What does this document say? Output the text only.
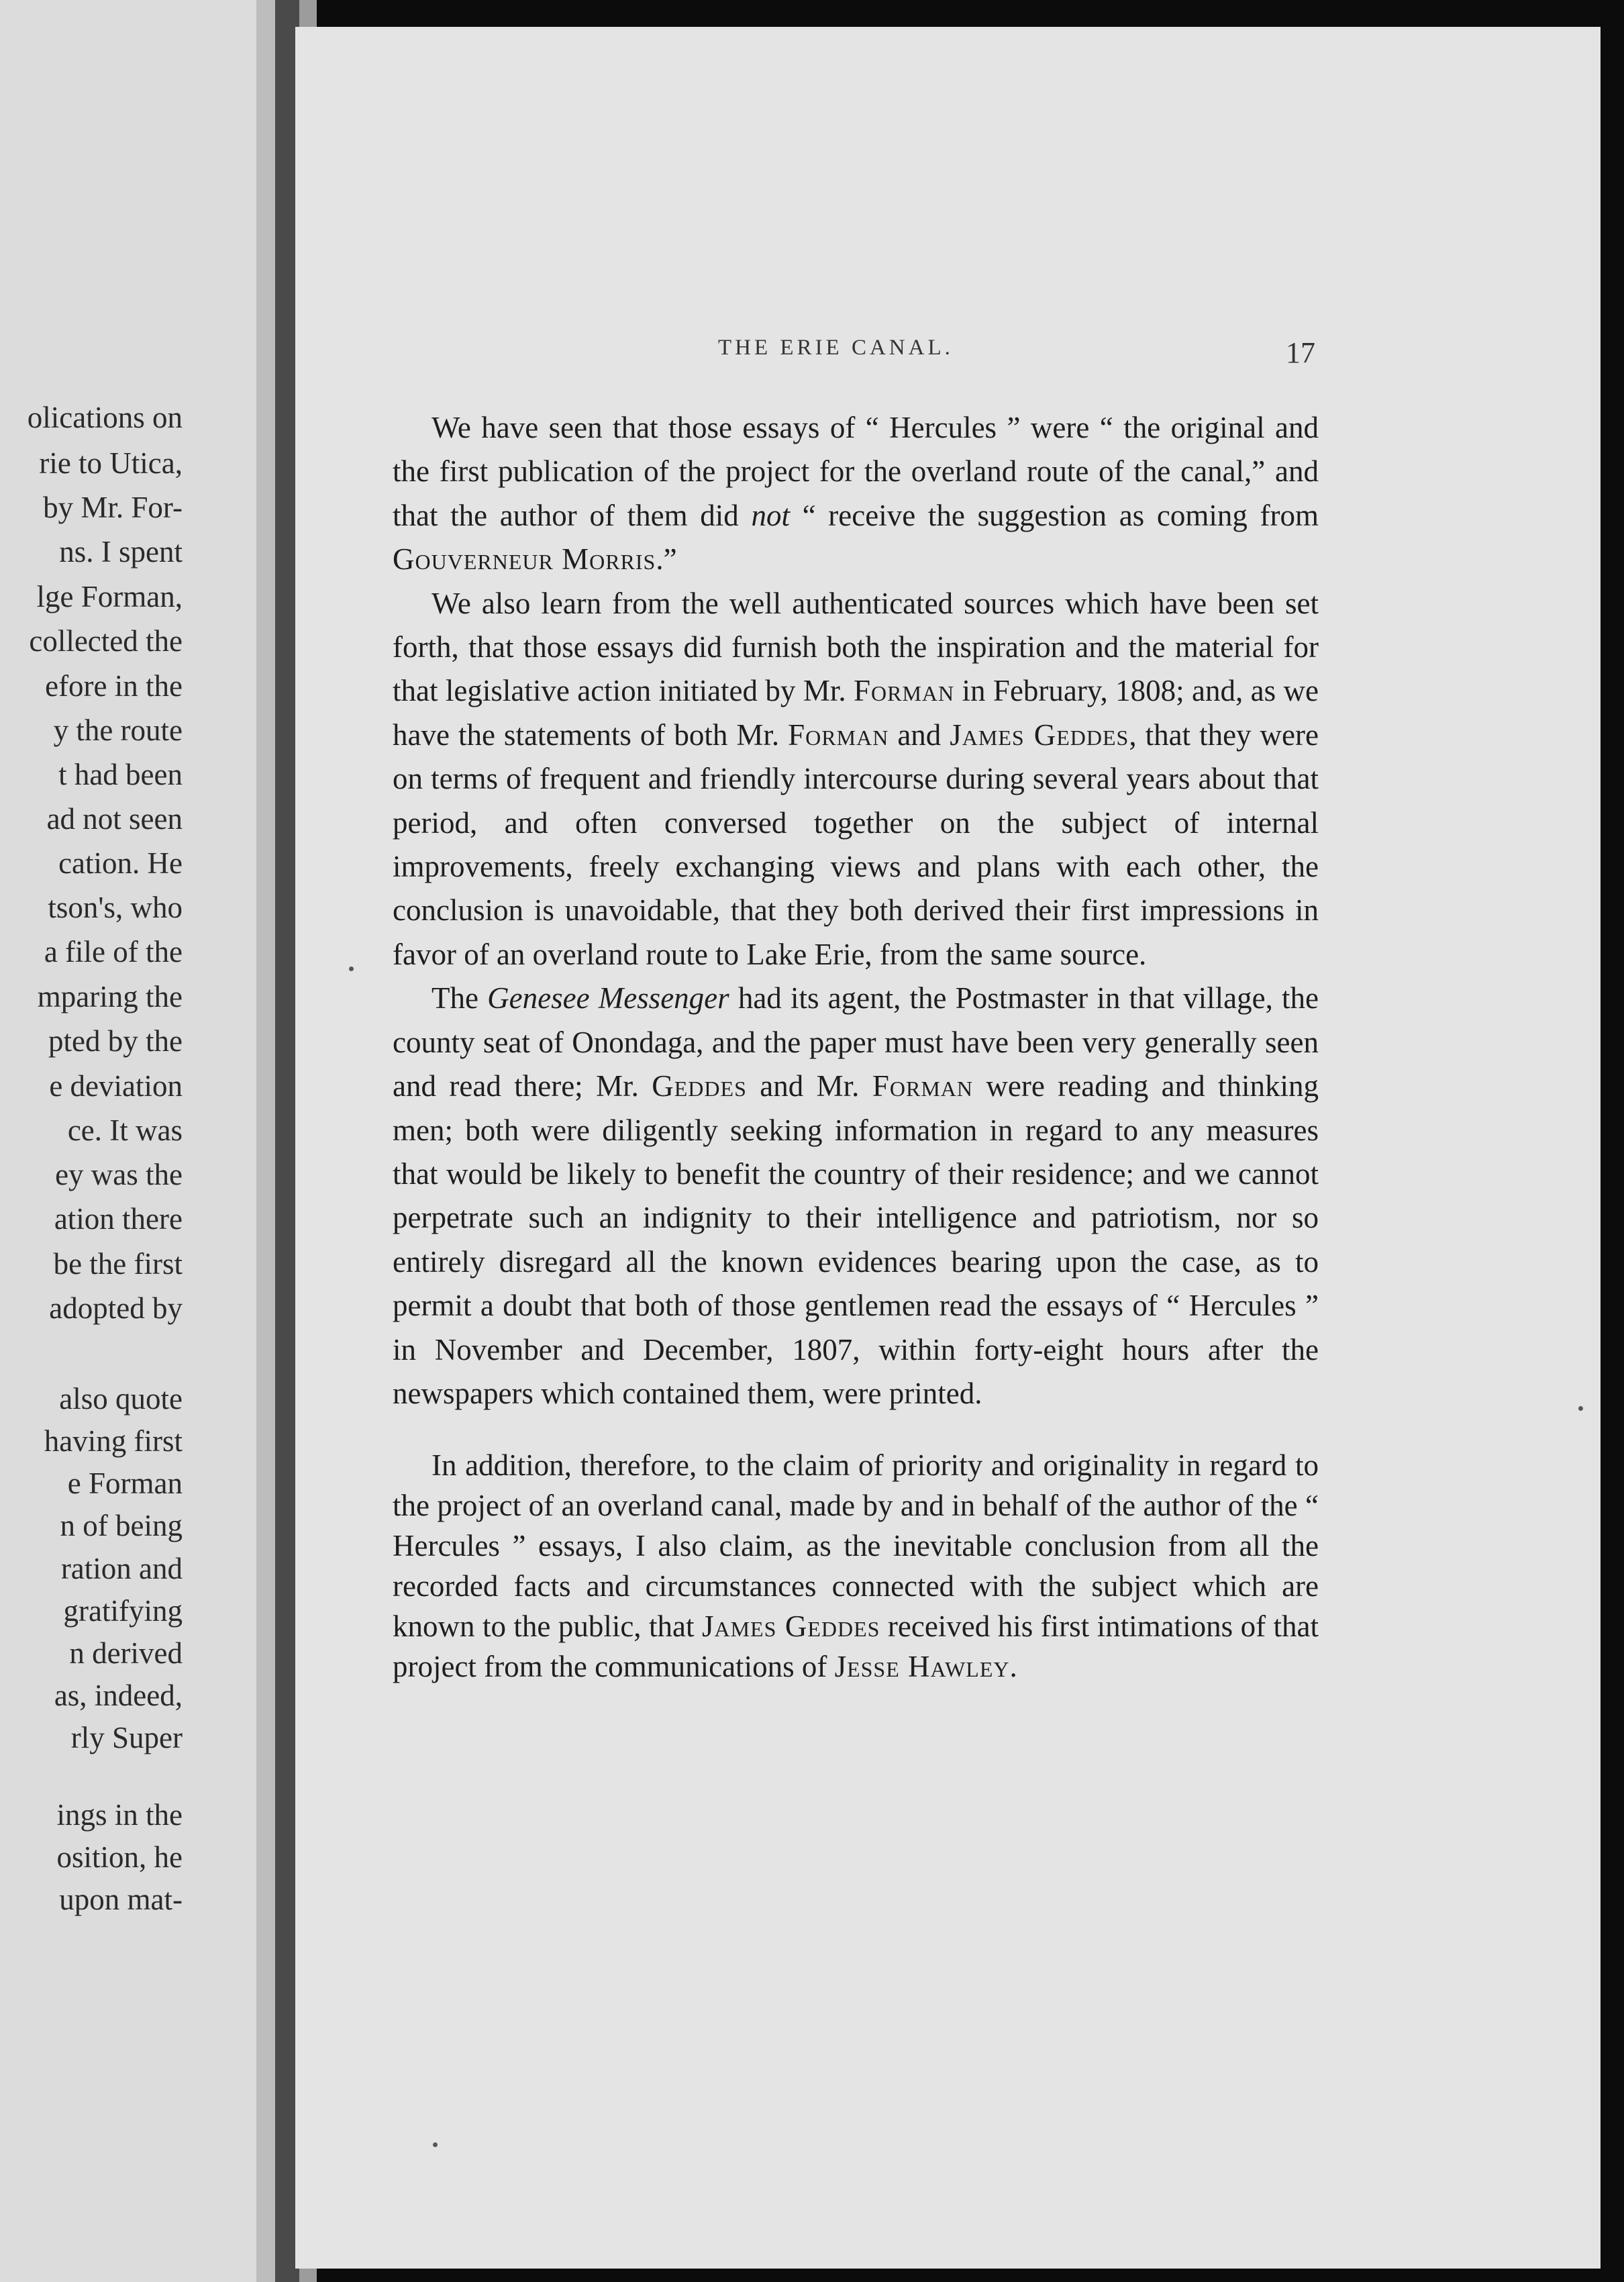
olications on
rie to Utica,
by Mr. For-
ns. I spent
lge Forman,
collected the
efore in the
y the route
t had been
ad not seen
cation. He
tson's, who
a file of the
mparing the
pted by the
e deviation
ce. It was
ey was the
ation there
be the first
adopted by
also quote
having first
e Forman
n of being
ration and
gratifying
n derived
as, indeed,
rly Super
ings in the
osition, he
upon mat-
THE ERIE CANAL.	17

We have seen that those essays of “ Hercules ” were “ the original and the first publication of the project for the overland route of the canal,” and that the author of them did not “ receive the suggestion as coming from Gouverneur Morris.”

We also learn from the well authenticated sources which have been set forth, that those essays did furnish both the inspiration and the material for that legislative action initiated by Mr. Forman in February, 1808; and, as we have the statements of both Mr. Forman and James Geddes, that they were on terms of frequent and friendly intercourse during several years about that period, and often conversed together on the subject of internal improvements, freely exchanging views and plans with each other, the conclusion is unavoidable, that they both derived their first impressions in favor of an overland route to Lake Erie, from the same source.

The Genesee Messenger had its agent, the Postmaster in that village, the county seat of Onondaga, and the paper must have been very generally seen and read there; Mr. Geddes and Mr. Forman were reading and thinking men; both were diligently seeking information in regard to any measures that would be likely to benefit the country of their residence; and we cannot perpetrate such an indignity to their intelligence and patriotism, nor so entirely disregard all the known evidences bearing upon the case, as to permit a doubt that both of those gentlemen read the essays of “ Hercules ” in November and December, 1807, within forty-eight hours after the newspapers which contained them, were printed.

In addition, therefore, to the claim of priority and originality in regard to the project of an overland canal, made by and in behalf of the author of the “ Hercules ” essays, I also claim, as the inevitable conclusion from all the recorded facts and circumstances connected with the subject which are known to the public, that James Geddes received his first intimations of that project from the communications of Jesse Hawley.
